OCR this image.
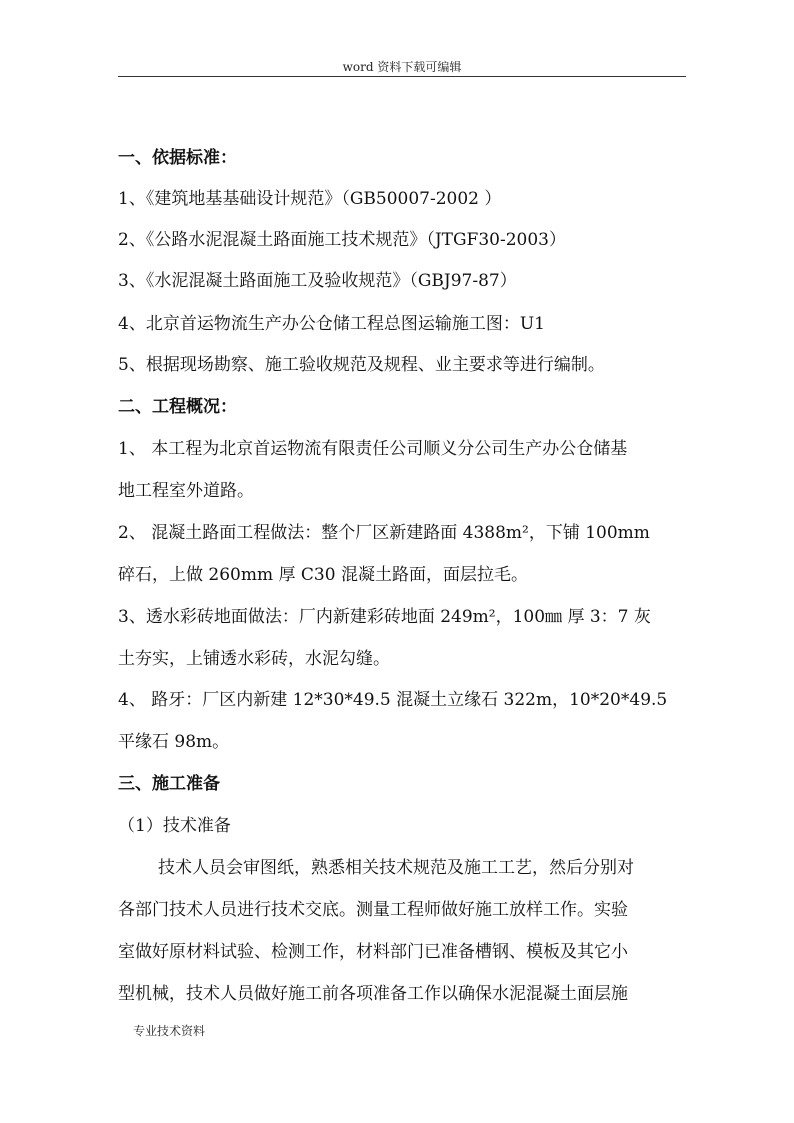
word 资料下载可编辑
一、依据标准：
1、《建筑地基基础设计规范》（GB50007-2002 ）
2、《公路水泥混凝土路面施工技术规范》（JTGF30-2003）
3、《水泥混凝土路面施工及验收规范》（GBJ97-87）
4、北京首运物流生产办公仓储工程总图运输施工图：U1
5、根据现场勘察、施工验收规范及规程、业主要求等进行编制。
二、工程概况：
1、 本工程为北京首运物流有限责任公司顺义分公司生产办公仓储基
地工程室外道路。
2、 混凝土路面工程做法：整个厂区新建路面 4388m²，下铺 100mm
碎石，上做 260mm 厚 C30 混凝土路面，面层拉毛。
3、透水彩砖地面做法：厂内新建彩砖地面 249m²，100㎜ 厚 3：7 灰
土夯实，上铺透水彩砖，水泥勾缝。
4、 路牙：厂区内新建 12*30*49.5 混凝土立缘石 322m，10*20*49.5
平缘石 98m。
三、施工准备
（1）技术准备
技术人员会审图纸，熟悉相关技术规范及施工工艺，然后分别对
各部门技术人员进行技术交底。测量工程师做好施工放样工作。实验
室做好原材料试验、检测工作，材料部门已准备槽钢、模板及其它小
型机械，技术人员做好施工前各项准备工作以确保水泥混凝土面层施
专业技术资料
